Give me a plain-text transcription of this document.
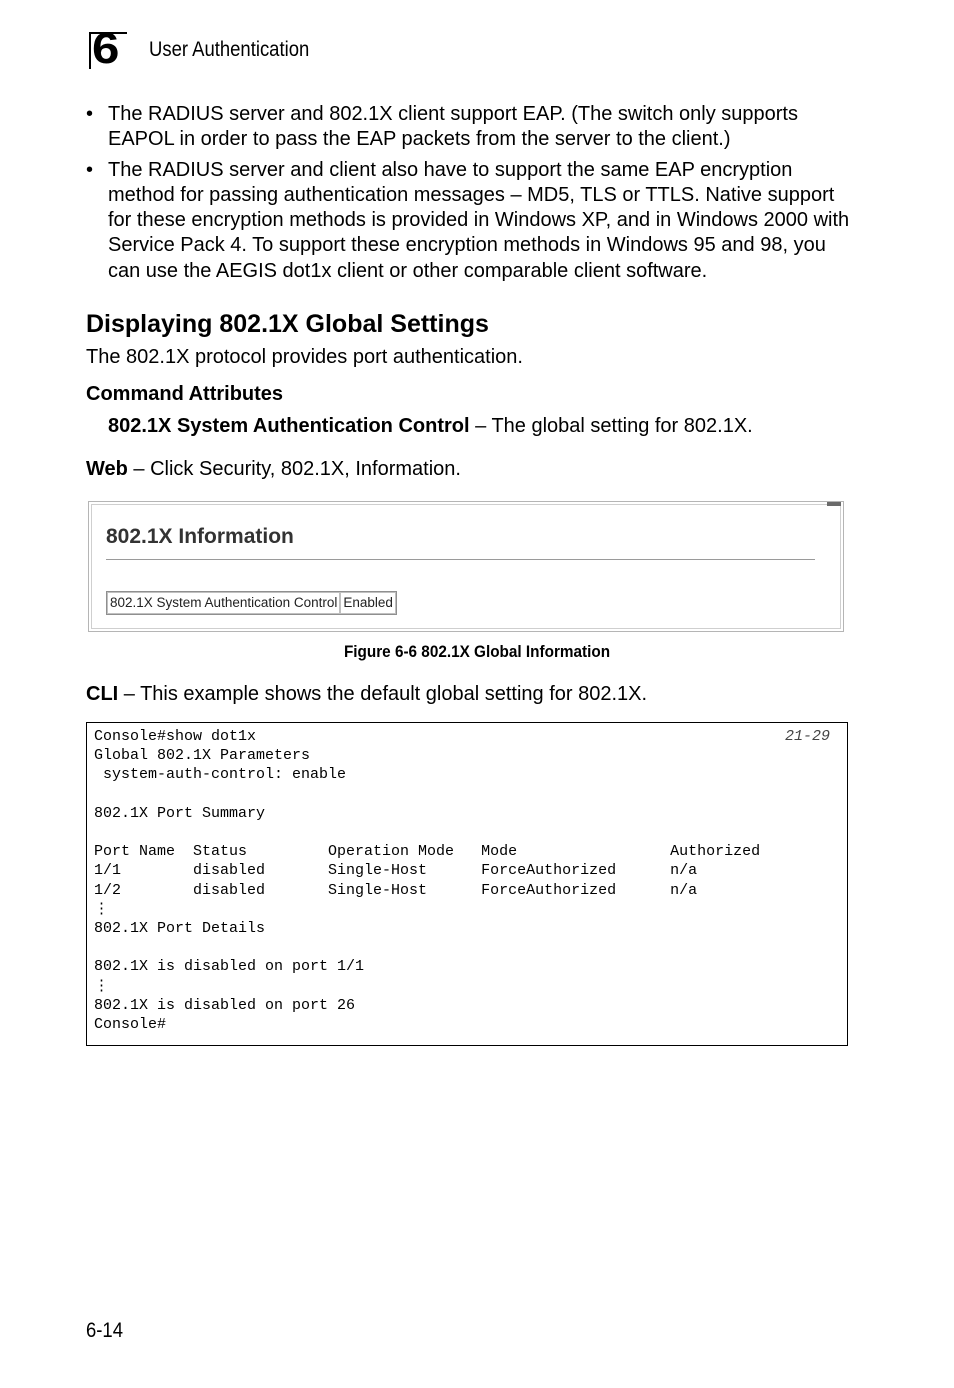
6 User Authentication
• The RADIUS server and 802.1X client support EAP. (The switch only supports EAPOL in order to pass the EAP packets from the server to the client.)
• The RADIUS server and client also have to support the same EAP encryption method for passing authentication messages – MD5, TLS or TTLS. Native support for these encryption methods is provided in Windows XP, and in Windows 2000 with Service Pack 4. To support these encryption methods in Windows 95 and 98, you can use the AEGIS dot1x client or other comparable client software.
Displaying 802.1X Global Settings
The 802.1X protocol provides port authentication.
Command Attributes
802.1X System Authentication Control – The global setting for 802.1X.
Web – Click Security, 802.1X, Information.
802.1X Information
802.1X System Authentication Control Enabled
Figure 6-6 802.1X Global Information
CLI – This example shows the default global setting for 802.1X.
Console#show dot1x
Global 802.1X Parameters
system-auth-control: enable

802.1X Port Summary

Port Name  Status         Operation Mode   Mode                 Authorized
1/1        disabled       Single-Host      ForceAuthorized      n/a
1/2        disabled       Single-Host      ForceAuthorized      n/a
⋮
802.1X Port Details

802.1X is disabled on port 1/1
⋮
802.1X is disabled on port 26
Console#
21-29
6-14
